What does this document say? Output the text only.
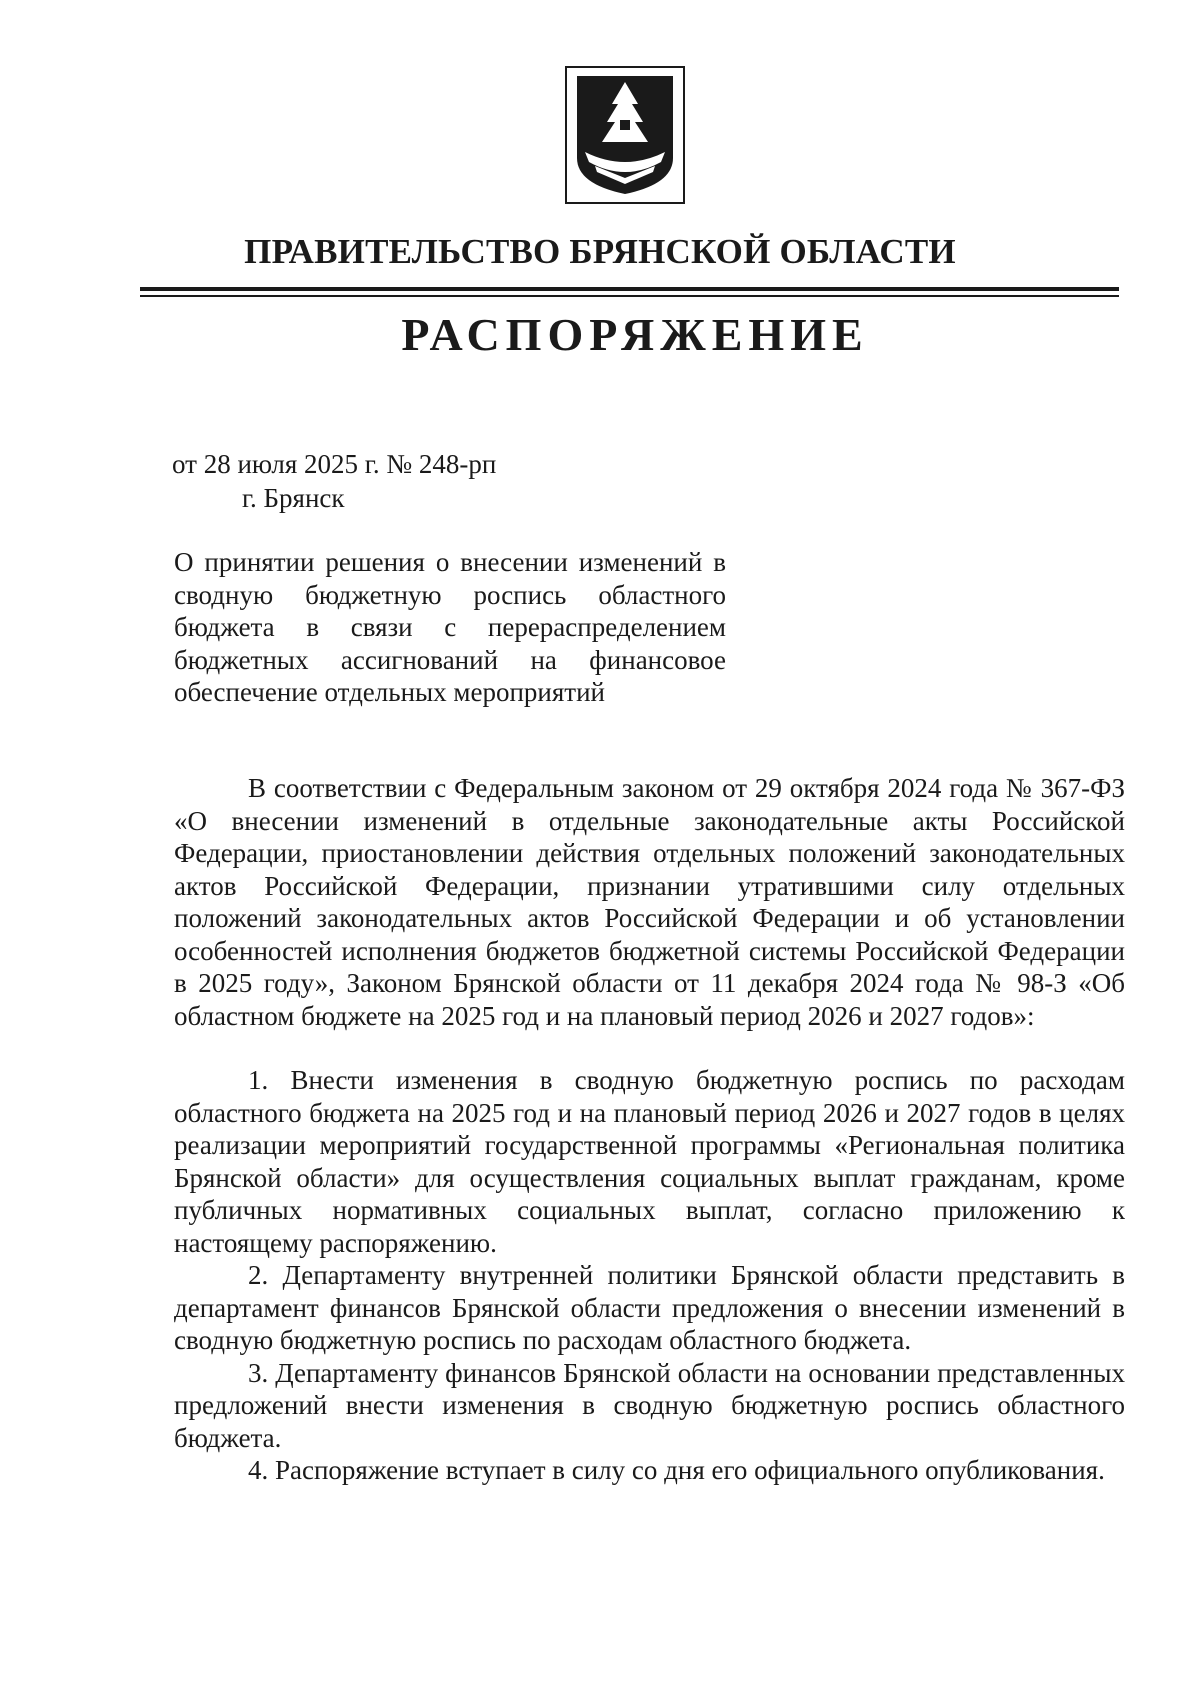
ПРАВИТЕЛЬСТВО БРЯНСКОЙ ОБЛАСТИ
РАСПОРЯЖЕНИЕ
от 28 июля 2025 г. № 248-рп
г. Брянск
О принятии решения о внесении изменений в сводную бюджетную роспись областного бюджета в связи с перераспределением бюджетных ассигнований на финансовое обеспечение отдельных мероприятий

В соответствии с Федеральным законом от 29 октября 2024 года № 367-ФЗ «О внесении изменений в отдельные законодательные акты Российской Федерации, приостановлении действия отдельных положений законодательных актов Российской Федерации, признании утратившими силу отдельных положений законодательных актов Российской Федерации и об установлении особенностей исполнения бюджетов бюджетной системы Российской Федерации в 2025 году», Законом Брянской области от 11 декабря 2024 года № 98-З «Об областном бюджете на 2025 год и на плановый период 2026 и 2027 годов»:

1. Внести изменения в сводную бюджетную роспись по расходам областного бюджета на 2025 год и на плановый период 2026 и 2027 годов в целях реализации мероприятий государственной программы «Региональная политика Брянской области» для осуществления социальных выплат гражданам, кроме публичных нормативных социальных выплат, согласно приложению к настоящему распоряжению.

2. Департаменту внутренней политики Брянской области представить в департамент финансов Брянской области предложения о внесении изменений в сводную бюджетную роспись по расходам областного бюджета.

3. Департаменту финансов Брянской области на основании представленных предложений внести изменения в сводную бюджетную роспись областного бюджета.

4. Распоряжение вступает в силу со дня его официального опубликования.
